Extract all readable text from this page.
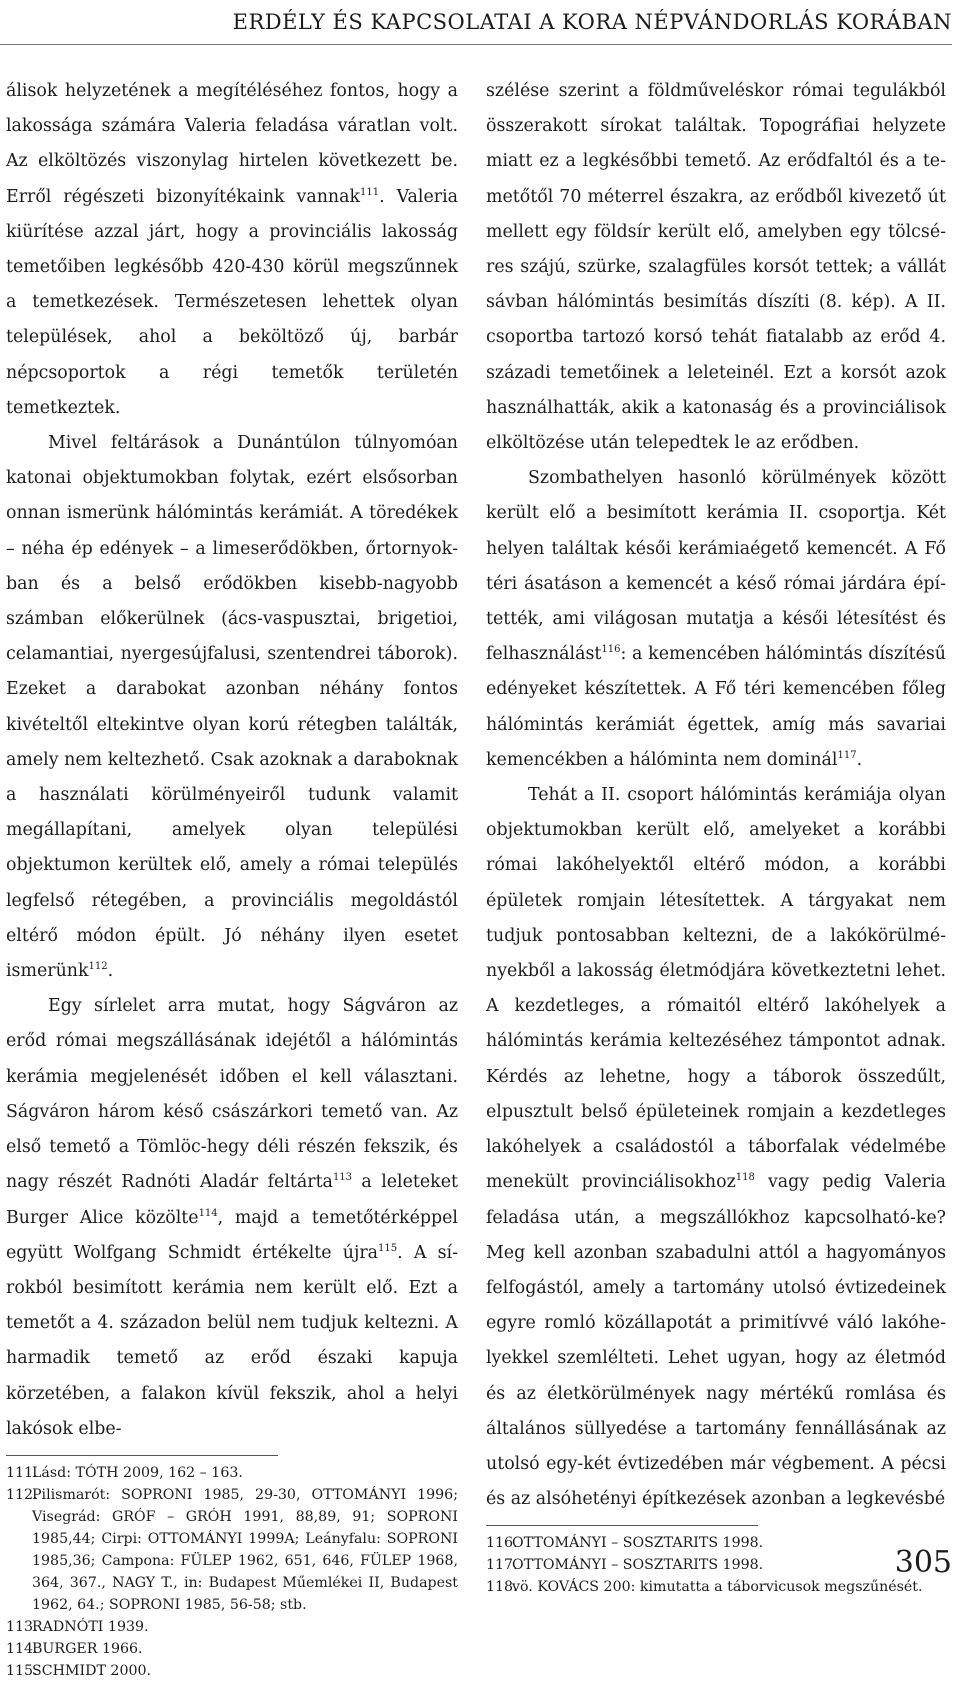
ERDÉLY ÉS KAPCSOLATAI A KORA NÉPVÁNDORLÁS KORÁBAN

álisok helyzetének a megítéléséhez fontos, hogy a lakossága számára Valeria feladása váratlan volt. Az elköltözés viszonylag hirtelen következett be. Erről régészeti bizonyítékaink vannak$^{111}$. Valeria kiürítése azzal járt, hogy a provinciális lakosság temetőiben legkésőbb 420-430 körül megszűnnek a temetkezések. Természetesen lehettek olyan települések, ahol a beköltöző új, barbár népcsoportok a régi temetők területén temetkeztek.

Mivel feltárások a Dunántúlon túlnyomóan katonai objektumokban folytak, ezért elsősorban onnan ismerünk hálómintás kerámiát. A töredékek – néha ép edények – a limeserődökben, őrtornyokban és a belső erődökben kisebb-nagyobb számban előkerülnek (ács-vaspusztai, brigetioi, celamantiai, nyergesújfalusi, szentendrei táborok). Ezeket a darabokat azonban néhány fontos kivételtől eltekintve olyan korú rétegben találták, amely nem keltezhető. Csak azoknak a daraboknak a használati körülményeiről tudunk valamit megállapítani, amelyek olyan települési objektumon kerültek elő, amely a római település legfelső rétegében, a provinciális megoldástól eltérő módon épült. Jó néhány ilyen esetet ismerünk$^{112}$.

Egy sírlelet arra mutat, hogy Ságváron az erőd római megszállásának idejétől a hálómintás kerámia megjelenését időben el kell választani. Ságváron három késő császárkori temető van. Az első temető a Tömlöc-hegy déli részén fekszik, és nagy részét Radnóti Aladár feltárta$^{113}$ a leleteket Burger Alice közölte$^{114}$, majd a temetőtérképpel együtt Wolfgang Schmidt értékelte újra$^{115}$. A sírokból besimított kerámia nem került elő. Ezt a temetőt a 4. századon belül nem tudjuk keltezni. A harmadik temető az erőd északi kapuja körzetében, a falakon kívül fekszik, ahol a helyi lakósok elbe-

111.Lásd: TÓTH 2009, 162 – 163.

112.Pilismarót: SOPRONI 1985, 29-30, OTTOMÁNYI 1996; Visegrád: GRÓF – GRÓH 1991, 88,89, 91; SOPRONI 1985,44; Cirpi: OTTOMÁNYI 1999A; Leányfalu: SOPRONI 1985,36; Campona: FÜLEP 1962, 651, 646, FÜLEP 1968, 364, 367., NAGY T., in: Budapest Műemlékei II, Budapest 1962, 64.; SOPRONI 1985, 56-58; stb.

113.RADNÓTI 1939.

114.BURGER 1966.

115.SCHMIDT 2000.

szélése szerint a földműveléskor római tegulákból összerakott sírokat találtak. Topográfiai helyzete miatt ez a legkésőbbi temető. Az erődfaltól és a temetőtől 70 méterrel északra, az erődből kivezető út mellett egy földsír került elő, amelyben egy tölcséres szájú, szürke, szalagfüles korsót tettek; a vállát sávban hálómintás besimítás díszíti (8. kép). A II. csoportba tartozó korsó tehát fiatalabb az erőd 4. századi temetőinek a leleteinél. Ezt a korsót azok használhatták, akik a katonaság és a provinciálisok elköltözése után telepedtek le az erődben.

Szombathelyen hasonló körülmények között került elő a besimított kerámia II. csoportja. Két helyen találtak késői kerámiaégető kemencét. A Fő téri ásatáson a kemencét a késő római járdára építették, ami világosan mutatja a késői létesítést és felhasználást$^{116}$: a kemencében hálómintás díszítésű edényeket készítettek. A Fő téri kemencében főleg hálómintás kerámiát égettek, amíg más savariai kemencékben a hálóminta nem dominál$^{117}$.

Tehát a II. csoport hálómintás kerámiája olyan objektumokban került elő, amelyeket a korábbi római lakóhelyektől eltérő módon, a korábbi épületek romjain létesítettek. A tárgyakat nem tudjuk pontosabban keltezni, de a lakókörülményekből a lakosság életmódjára következtetni lehet. A kezdetleges, a rómaitól eltérő lakóhelyek a hálómintás kerámia keltezéséhez támpontot adnak. Kérdés az lehetne, hogy a táborok összedűlt, elpusztult belső épületeinek romjain a kezdetleges lakóhelyek a családostól a táborfalak védelmébe menekült provinciálisokhoz$^{118}$ vagy pedig Valeria feladása után, a megszállókhoz kapcsolható-ke? Meg kell azonban szabadulni attól a hagyományos felfogástól, amely a tartomány utolsó évtizedeinek egyre romló közállapotát a primitívvé váló lakóhelyekkel szemlélteti. Lehet ugyan, hogy az életmód és az életkörülmények nagy mértékű romlása és általános süllyedése a tartomány fennállásának az utolsó egy-két évtizedében már végbement. A pécsi és az alsóhetényi építkezések azonban a legkevésbé

116.OTTOMÁNYI – SOSZTARITS 1998.

117.OTTOMÁNYI – SOSZTARITS 1998.

118.vö. KOVÁCS 200: kimutatta a táborvicusok megszűnését.

305
